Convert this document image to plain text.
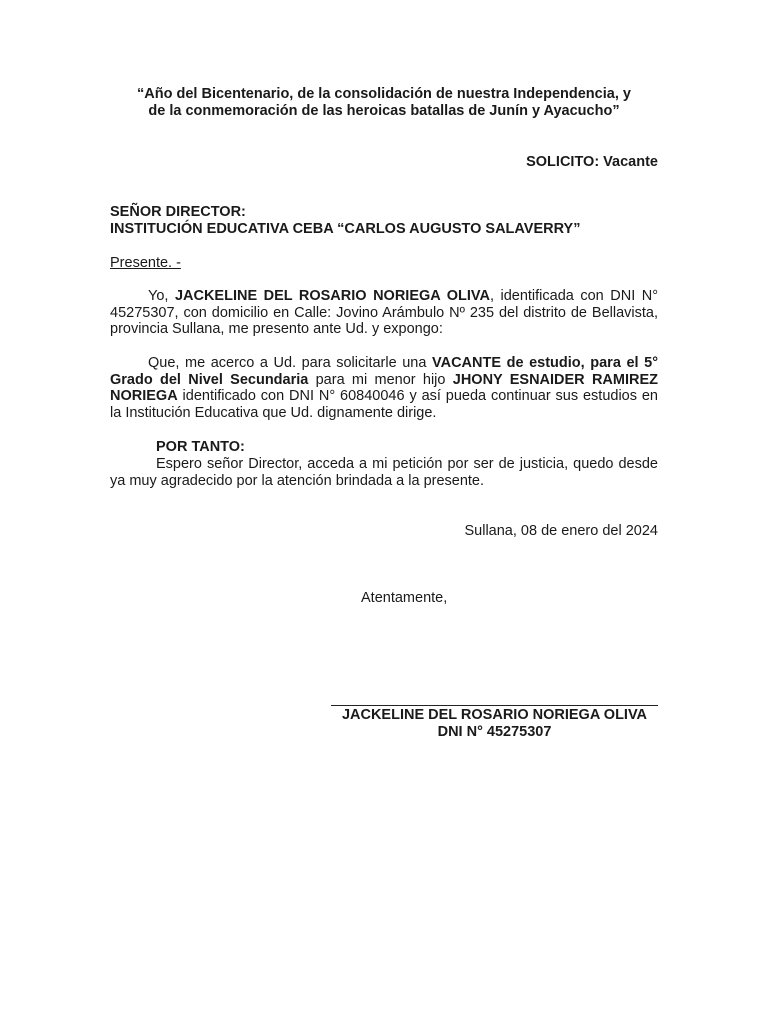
“Año del Bicentenario, de la consolidación de nuestra Independencia, y
de la conmemoración de las heroicas batallas de Junín y Ayacucho”
SOLICITO: Vacante
SEÑOR DIRECTOR:
INSTITUCIÓN EDUCATIVA CEBA “CARLOS AUGUSTO SALAVERRY”
Presente. -

Yo, JACKELINE DEL ROSARIO NORIEGA OLIVA, identificada con DNI N° 45275307, con domicilio en Calle: Jovino Arámbulo Nº 235 del distrito de Bellavista, provincia Sullana, me presento ante Ud. y expongo:

Que, me acerco a Ud. para solicitarle una VACANTE de estudio, para el 5° Grado del Nivel Secundaria para mi menor hijo JHONY ESNAIDER RAMIREZ NORIEGA identificado con DNI N° 60840046 y así pueda continuar sus estudios en la Institución Educativa que Ud. dignamente dirige.

POR TANTO:

Espero señor Director, acceda a mi petición por ser de justicia, quedo desde ya muy agradecido por la atención brindada a la presente.

Sullana, 08 de enero del 2024
Atentamente,
JACKELINE DEL ROSARIO NORIEGA OLIVA
DNI N° 45275307
